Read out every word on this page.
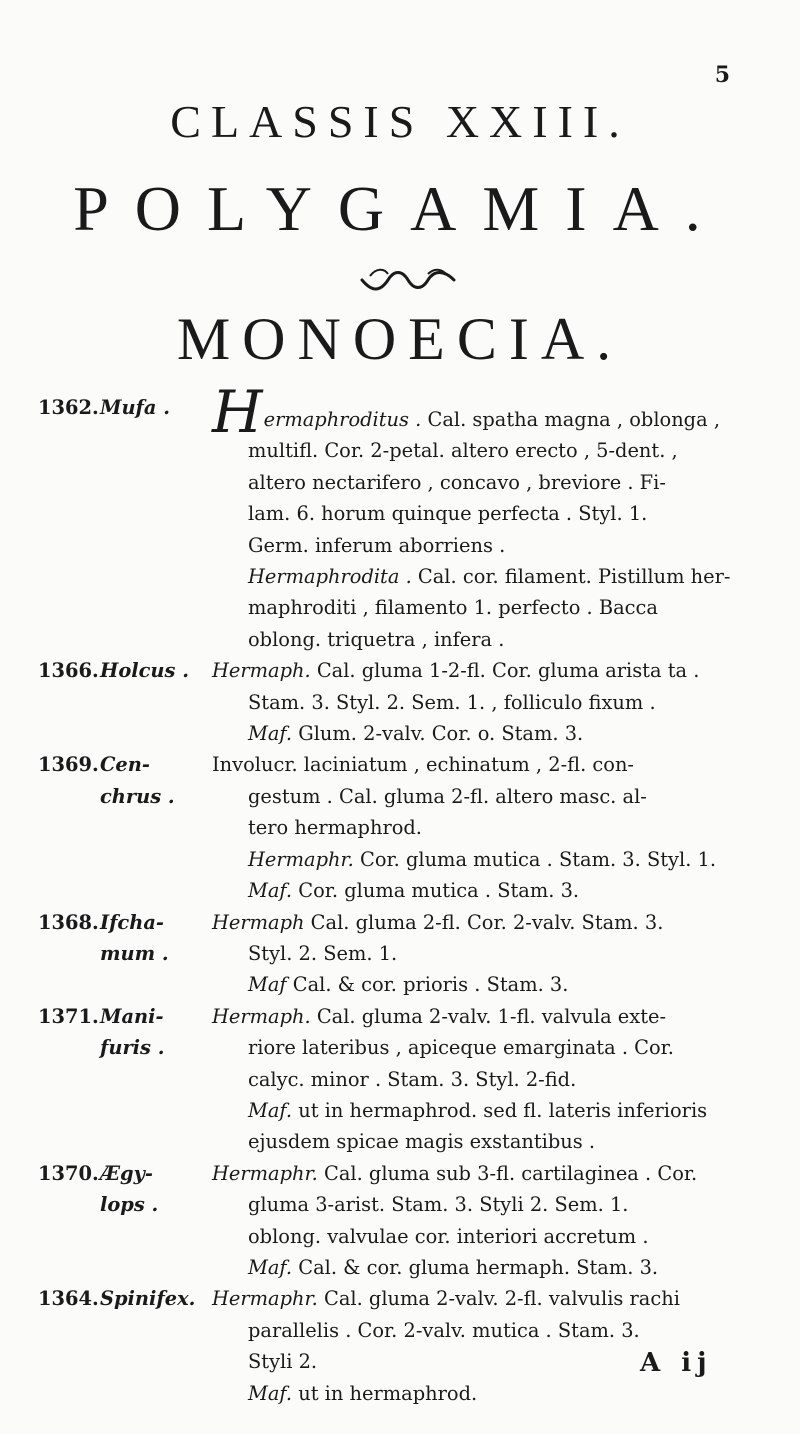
5
CLASSIS XXIII.
POLYGAMIA.
MONOECIA.
1362. Mufa . Hermaphroditus . Cal. spatha magna , oblonga ,
multifl. Cor. 2-petal. altero erecto , 5-dent. ,
altero nectarifero , concavo , breviore . Fi-
lam. 6. horum quinque perfecta . Styl. 1.
Germ. inferum aborriens .
Hermaphrodita . Cal. cor. filament. Pistillum her-
maphroditi , filamento 1. perfecto . Bacca
oblong. triquetra , infera .
1366. Holcus .	Hermaph. Cal. gluma 1-2-fl. Cor. gluma arista ta .
Stam. 3. Styl. 2. Sem. 1. , folliculo fixum .
Maf. Glum. 2-valv. Cor. o. Stam. 3.
1369. Cen-
chrus .
Involucr. laciniatum , echinatum , 2-fl. con-
gestum . Cal. gluma 2-fl. altero masc. al-
tero hermaphrod.
Hermaphr. Cor. gluma mutica . Stam. 3. Styl. 1.
Maf. Cor. gluma mutica . Stam. 3.
1368. Ifcha-
mum .
Hermaph Cal. gluma 2-fl. Cor. 2-valv. Stam. 3.
Styl. 2. Sem. 1.
Maf Cal. & cor. prioris . Stam. 3.
1371. Mani-
furis .
Hermaph. Cal. gluma 2-valv. 1-fl. valvula exte-
riore lateribus , apiceque emarginata . Cor.
calyc. minor . Stam. 3. Styl. 2-fid.
Maf. ut in hermaphrod. sed fl. lateris inferioris
ejusdem spicae magis exstantibus .
1370. Ægy-
lops .
Hermaphr. Cal. gluma sub 3-fl. cartilaginea . Cor.
gluma 3-arist. Stam. 3. Styli 2. Sem. 1.
oblong. valvulae cor. interiori accretum .
Maf. Cal. & cor. gluma hermaph. Stam. 3.
1364. Spinifex. Hermaphr. Cal. gluma 2-valv. 2-fl. valvulis rachi
parallelis . Cor. 2-valv. mutica . Stam. 3.
Styli 2.
Maf. ut in hermaphrod.
A ij
